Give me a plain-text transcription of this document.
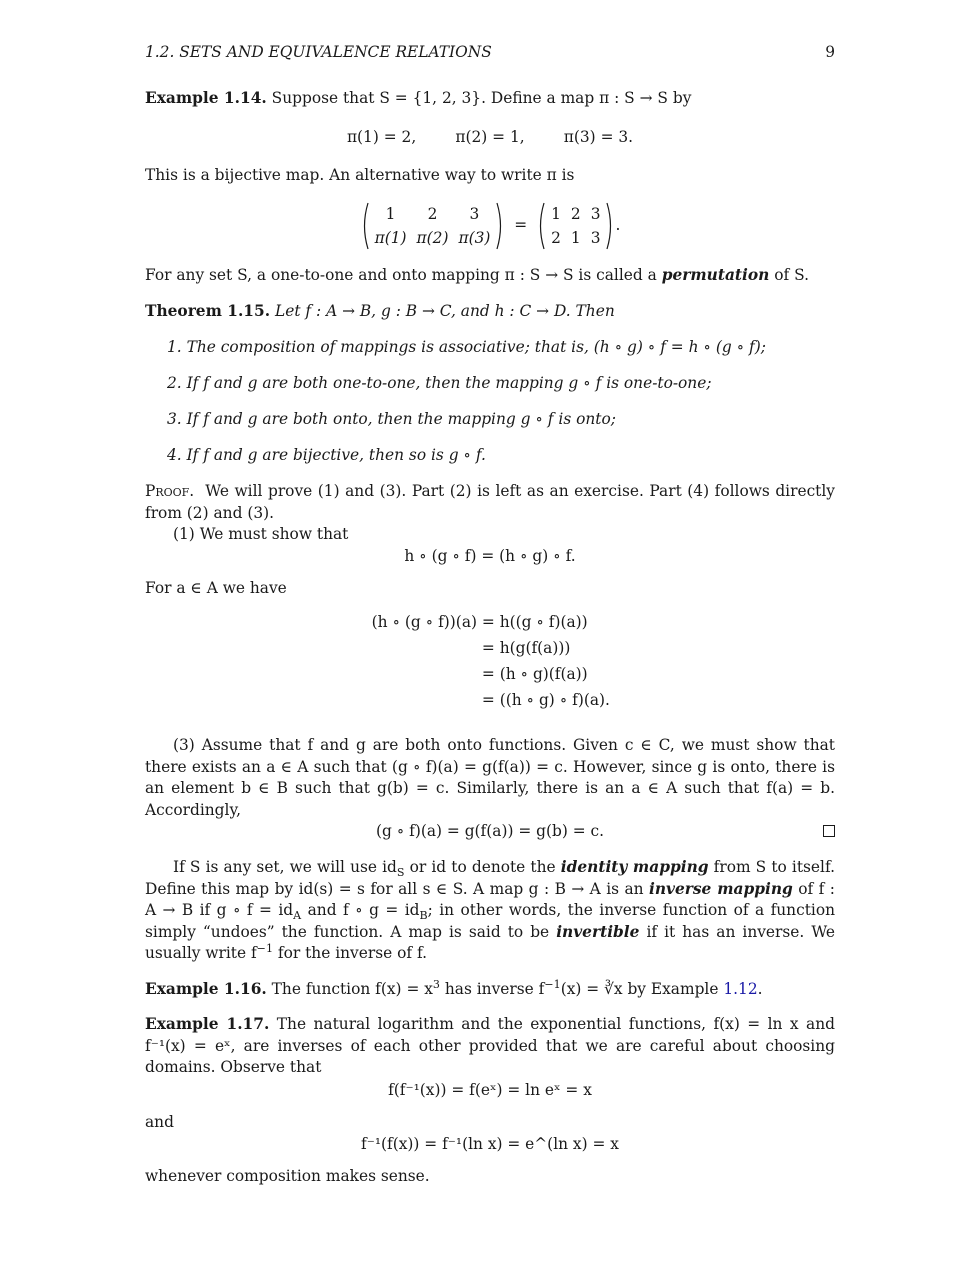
1.2. SETS AND EQUIVALENCE RELATIONS	9
Example 1.14. Suppose that S = {1, 2, 3}. Define a map π : S → S by
π(1) = 2,        π(2) = 1,        π(3) = 3.
This is a bijective map. An alternative way to write π is
1	2	3
π(1)	π(2)	π(3)
=
1	2	3
2	1	3
.
For any set S, a one-to-one and onto mapping π : S → S is called a permutation of S.
Theorem 1.15. Let f : A → B, g : B → C, and h : C → D. Then
1. The composition of mappings is associative; that is, (h ∘ g) ∘ f = h ∘ (g ∘ f);
2. If f and g are both one-to-one, then the mapping g ∘ f is one-to-one;
3. If f and g are both onto, then the mapping g ∘ f is onto;
4. If f and g are bijective, then so is g ∘ f.
Proof. We will prove (1) and (3). Part (2) is left as an exercise. Part (4) follows directly from (2) and (3).
(1) We must show that
h ∘ (g ∘ f) = (h ∘ g) ∘ f.
For a ∈ A we have
(h ∘ (g ∘ f))(a) = h((g ∘ f)(a))
= h(g(f(a)))
= (h ∘ g)(f(a))
= ((h ∘ g) ∘ f)(a).
(3) Assume that f and g are both onto functions. Given c ∈ C, we must show that there exists an a ∈ A such that (g ∘ f)(a) = g(f(a)) = c. However, since g is onto, there is an element b ∈ B such that g(b) = c. Similarly, there is an a ∈ A such that f(a) = b. Accordingly,
(g ∘ f)(a) = g(f(a)) = g(b) = c.
If S is any set, we will use $id_S$ or id to denote the identity mapping from S to itself. Define this map by id(s) = s for all s ∈ S. A map g : B → A is an inverse mapping of f : A → B if g ∘ $f = id_A$ and f ∘ $g = id_B$; in other words, the inverse function of a function simply “undoes” the function. A map is said to be invertible if it has an inverse. We usually write $f^{-1}$ for the inverse of f.
Example 1.16. The function $f(x) = x^3$ has inverse $f^{-1}(x)$ = ∛x by Example 1.12.
Example 1.17. The natural logarithm and the exponential functions, f(x) = ln x and f⁻¹(x) = eˣ, are inverses of each other provided that we are careful about choosing domains. Observe that
f(f⁻¹(x)) = f(eˣ) = ln eˣ = x
and
f⁻¹(f(x)) = f⁻¹(ln x) = e^(ln x) = x
whenever composition makes sense.
